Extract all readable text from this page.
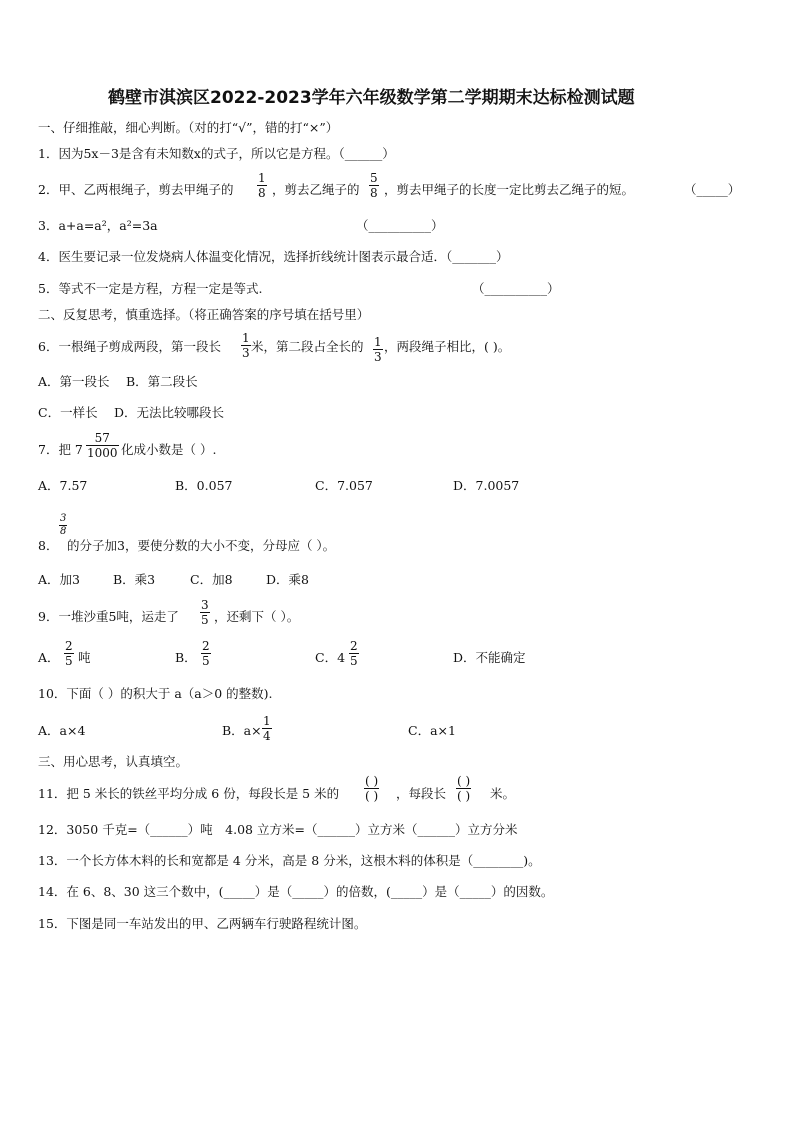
鹤壁市淇滨区2022-2023学年六年级数学第二学期期末达标检测试题
一、仔细推敲，细心判断。（对的打“√”，错的打“×”）
1．因为5x－3是含有未知数x的式子，所以它是方程。（______）
2．甲、乙两根绳子，剪去甲绳子的
1
8 ，剪去乙绳子的
5
8 ，剪去甲绳子的长度一定比剪去乙绳子的短。	（_____）
3．a+a=a²，a²=3a	（__________）
4．医生要记录一位发烧病人体温变化情况，选择折线统计图表示最合适．（_______）
5．等式不一定是方程，方程一定是等式.	（__________）
二、反复思考，慎重选择。（将正确答案的序号填在括号里）
6．一根绳子剪成两段，第一段长
1
3 米，第二段占全长的 1
3
，两段绳子相比，( )。
A．第一段长　 B．第二段长
C．一样长　 D．无法比较哪段长
7．把 7
57
1000 化成小数是（ ）.
A．7.57	B．0.057	C．7.057	D．7.0057
8．
3
8
的分子加3，要使分数的大小不变，分母应（ ）。
A．加3	B．乘3	C．加8	D．乘8
9．一堆沙重5吨，运走了
3
5 ，还剩下（ ）。
A．
2
5 吨	B．
2
5	C．4
2
5	D．不能确定
10．下面（ ）的积大于 a（a＞0 的整数).
A．a×4	B．a×
1
4	C．a×1
三、用心思考，认真填空。
11．把 5 米长的铁丝平均分成 6 份，每段长是 5 米的
( )
( ) ，每段长
( )
( ) 米。
12．3050 千克=（______）吨　4.08 立方米=（______）立方米（______）立方分米
13．一个长方体木料的长和宽都是 4 分米，高是 8 分米，这根木料的体积是（________)。
14．在 6、8、30 这三个数中，(_____）是（_____）的倍数，(_____）是（_____）的因数。
15．下图是同一车站发出的甲、乙两辆车行驶路程统计图。
